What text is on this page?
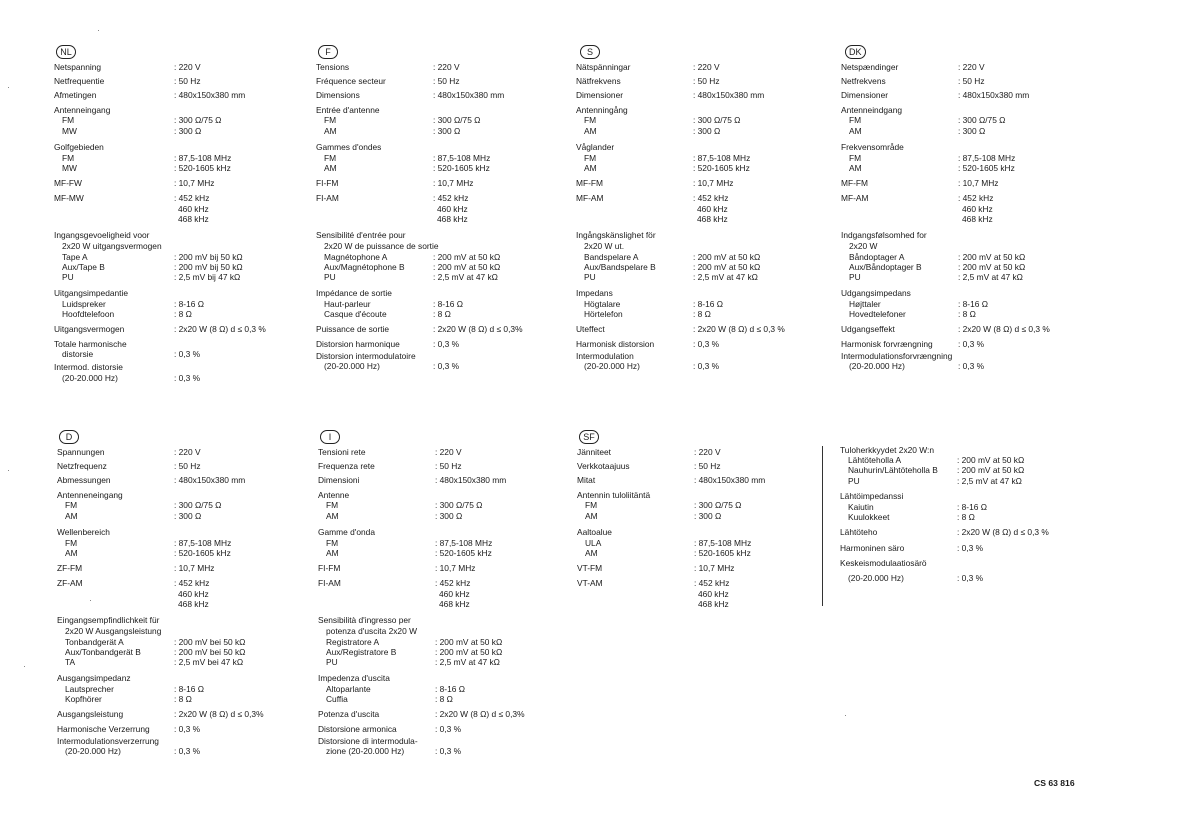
NL
Netspanning	: 220 V
Netfrequentie	: 50 Hz
Afmetingen	: 480x150x380 mm
Antenneingang
FM	: 300 Ω/75 Ω
MW	: 300 Ω
Golfgebieden
FM	: 87,5-108 MHz
MW	: 520-1605 kHz
MF-FW	: 10,7 MHz
MF-MW	: 452 kHz
460 kHz
468 kHz
Ingangsgevoeligheid voor
2x20 W uitgangsvermogen
Tape A	: 200 mV bij 50 kΩ
Aux/Tape B	: 200 mV bij 50 kΩ
PU	: 2,5 mV bij 47 kΩ
Uitgangsimpedantie
Luidspreker	: 8-16 Ω
Hoofdtelefoon	: 8 Ω
Uitgangsvermogen	: 2x20 W (8 Ω) d ≤ 0,3 %
Totale harmonische
distorsie	: 0,3 %
Intermod. distorsie
(20-20.000 Hz)	: 0,3 %
F
Tensions	: 220 V
Fréquence secteur	: 50 Hz
Dimensions	: 480x150x380 mm
Entrée d'antenne
FM	: 300 Ω/75 Ω
AM	: 300 Ω
Gammes d'ondes
FM	: 87,5-108 MHz
AM	: 520-1605 kHz
FI-FM	: 10,7 MHz
FI-AM	: 452 kHz
460 kHz
468 kHz
Sensibilité d'entrée pour
2x20 W de puissance de sortie
Magnétophone A	: 200 mV at 50 kΩ
Aux/Magnétophone B	: 200 mV at 50 kΩ
PU	: 2,5 mV at 47 kΩ
Impédance de sortie
Haut-parleur	: 8-16 Ω
Casque d'écoute	: 8 Ω
Puissance de sortie	: 2x20 W (8 Ω) d ≤ 0,3%
Distorsion harmonique	: 0,3 %
Distorsion intermodulatoire
(20-20.000 Hz)	: 0,3 %
S
Nätspänningar	: 220 V
Nätfrekvens	: 50 Hz
Dimensioner	: 480x150x380 mm
Antenningång
FM	: 300 Ω/75 Ω
AM	: 300 Ω
Våglander
FM	: 87,5-108 MHz
AM	: 520-1605 kHz
MF-FM	: 10,7 MHz
MF-AM	: 452 kHz
460 kHz
468 kHz
Ingångskänslighet för
2x20 W ut.
Bandspelare A	: 200 mV at 50 kΩ
Aux/Bandspelare B	: 200 mV at 50 kΩ
PU	: 2,5 mV at 47 kΩ
Impedans
Högtalare	: 8-16 Ω
Hörtelefon	: 8 Ω
Uteffect	: 2x20 W (8 Ω) d ≤ 0,3 %
Harmonisk distorsion	: 0,3 %
Intermodulation
(20-20.000 Hz)	: 0,3 %
DK
Netspændinger	: 220 V
Netfrekvens	: 50 Hz
Dimensioner	: 480x150x380 mm
Antenneindgang
FM	: 300 Ω/75 Ω
AM	: 300 Ω
Frekvensområde
FM	: 87,5-108 MHz
AM	: 520-1605 kHz
MF-FM	: 10,7 MHz
MF-AM	: 452 kHz
460 kHz
468 kHz
Indgangsfølsomhed for
2x20 W
Båndoptager A	: 200 mV at 50 kΩ
Aux/Båndoptager B	: 200 mV at 50 kΩ
PU	: 2,5 mV at 47 kΩ
Udgangsimpedans
Højttaler	: 8-16 Ω
Hovedtelefoner	: 8 Ω
Udgangseffekt	: 2x20 W (8 Ω) d ≤ 0,3 %
Harmonisk forvrængning	: 0,3 %
Intermodulationsforvrængning
(20-20.000 Hz)	: 0,3 %
D
Spannungen	: 220 V
Netzfrequenz	: 50 Hz
Abmessungen	: 480x150x380 mm
Antenneneingang
FM	: 300 Ω/75 Ω
AM	: 300 Ω
Wellenbereich
FM	: 87,5-108 MHz
AM	: 520-1605 kHz
ZF-FM	: 10,7 MHz
ZF-AM	: 452 kHz
460 kHz
468 kHz
Eingangsempfindlichkeit für
2x20 W Ausgangsleistung
Tonbandgerät A	: 200 mV bei 50 kΩ
Aux/Tonbandgerät B	: 200 mV bei 50 kΩ
TA	: 2,5 mV bei 47 kΩ
Ausgangsimpedanz
Lautsprecher	: 8-16 Ω
Kopfhörer	: 8 Ω
Ausgangsleistung	: 2x20 W (8 Ω) d ≤ 0,3%
Harmonische Verzerrung	: 0,3 %
Intermodulationsverzerrung
(20-20.000 Hz)	: 0,3 %
I
Tensioni rete	: 220 V
Frequenza rete	: 50 Hz
Dimensioni	: 480x150x380 mm
Antenne
FM	: 300 Ω/75 Ω
AM	: 300 Ω
Gamme d'onda
FM	: 87,5-108 MHz
AM	: 520-1605 kHz
FI-FM	: 10,7 MHz
FI-AM	: 452 kHz
460 kHz
468 kHz
Sensibilità d'ingresso per
potenza d'uscita 2x20 W
Registratore A	: 200 mV at 50 kΩ
Aux/Registratore B	: 200 mV at 50 kΩ
PU	: 2,5 mV at 47 kΩ
Impedenza d'uscita
Altoparlante	: 8-16 Ω
Cuffia	: 8 Ω
Potenza d'uscita	: 2x20 W (8 Ω) d ≤ 0,3%
Distorsione armonica	: 0,3 %
Distorsione di intermodula-
zione (20-20.000 Hz)	: 0,3 %
SF
Jänniteet	: 220 V
Verkkotaajuus	: 50 Hz
Mitat	: 480x150x380 mm
Antennin tuloliitäntä
FM	: 300 Ω/75 Ω
AM	: 300 Ω
Aaltoalue
ULA	: 87,5-108 MHz
AM	: 520-1605 kHz
VT-FM	: 10,7 MHz
VT-AM	: 452 kHz
460 kHz
468 kHz
Tuloherkkyydet 2x20 W:n
Lähtöteholla A	: 200 mV at 50 kΩ
Nauhurin/Lähtöteholla B : 200 mV at 50 kΩ
PU	: 2,5 mV at 47 kΩ
Lähtöimpedanssi
Kaiutin	: 8-16 Ω
Kuulokkeet	: 8 Ω
Lähtöteho	: 2x20 W (8 Ω) d ≤ 0,3 %
Harmoninen säro	: 0,3 %
Keskeismodulaatiosärö
(20-20.000 Hz)	: 0,3 %
CS 63 816
